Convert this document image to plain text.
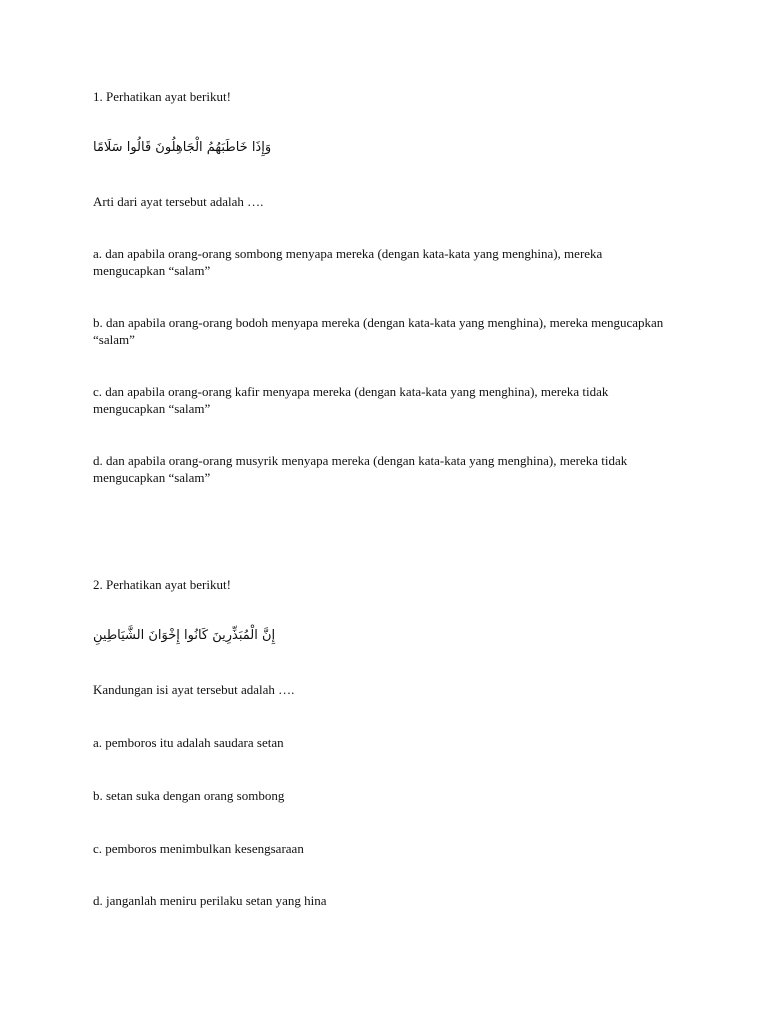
1. Perhatikan ayat berikut!

وَإِذَا خَاطَبَهُمُ الْجَاهِلُونَ قَالُوا سَلَامًا

Arti dari ayat tersebut adalah ….

a. dan apabila orang-orang sombong menyapa mereka (dengan kata-kata yang menghina), mereka mengucapkan “salam”

b. dan apabila orang-orang bodoh menyapa mereka (dengan kata-kata yang menghina), mereka mengucapkan “salam”

c. dan apabila orang-orang kafir menyapa mereka (dengan kata-kata yang menghina), mereka tidak mengucapkan “salam”

d. dan apabila orang-orang musyrik menyapa mereka (dengan kata-kata yang menghina), mereka tidak mengucapkan “salam”

2. Perhatikan ayat berikut!

إِنَّ الْمُبَذِّرِينَ كَانُوا إِخْوَانَ الشَّيَاطِينِ

Kandungan isi ayat tersebut adalah ….

a. pemboros itu adalah saudara setan

b. setan suka dengan orang sombong

c. pemboros menimbulkan kesengsaraan

d. janganlah meniru perilaku setan yang hina
